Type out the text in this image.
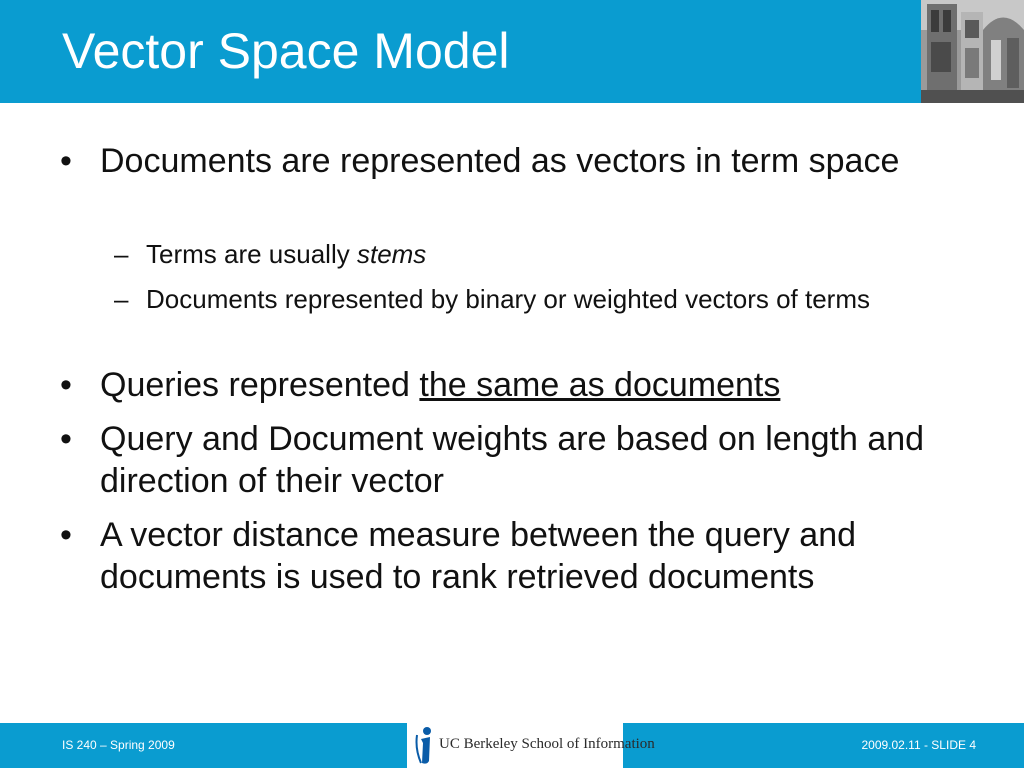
Vector Space Model
• Documents are represented as vectors in term space
– Terms are usually stems
– Documents represented by binary or weighted vectors of terms
• Queries represented the same as documents
• Query and Document weights are based on length and direction of their vector
• A vector distance measure between the query and documents is used to rank retrieved documents
IS 240 – Spring 2009	UC Berkeley School of Information	2009.02.11 - SLIDE 4
